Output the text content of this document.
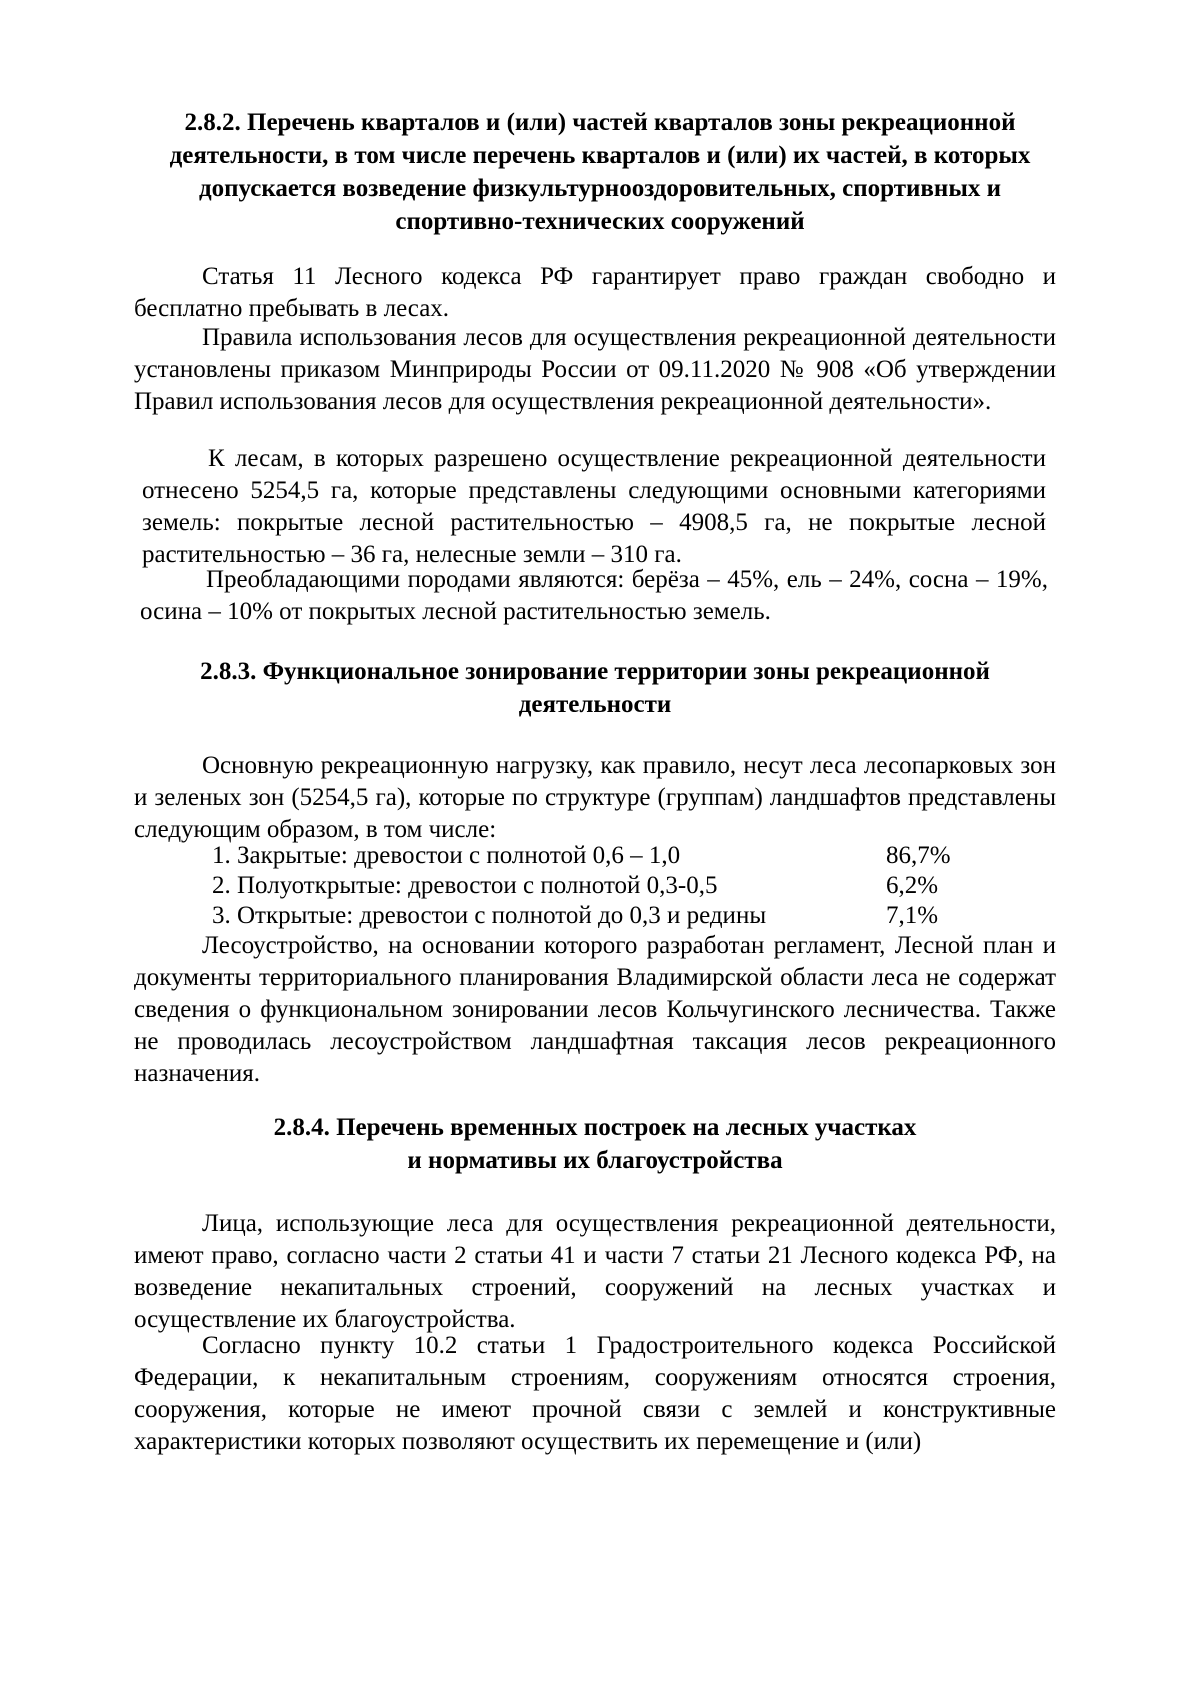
2.8.2. Перечень кварталов и (или) частей кварталов зоны рекреационной деятельности, в том числе перечень кварталов и (или) их частей, в которых допускается возведение физкультурнооздоровительных, спортивных и спортивно-технических сооружений
Статья 11 Лесного кодекса РФ гарантирует право граждан свободно и бесплатно пребывать в лесах.
Правила использования лесов для осуществления рекреационной деятельности установлены приказом Минприроды России от 09.11.2020 № 908 «Об утверждении Правил использования лесов для осуществления рекреационной деятельности».
К лесам, в которых разрешено осуществление рекреационной деятельности отнесено 5254,5 га, которые представлены следующими основными категориями земель: покрытые лесной растительностью – 4908,5 га, не покрытые лесной растительностью – 36 га, нелесные земли – 310 га.
Преобладающими породами являются: берёза – 45%, ель – 24%, сосна – 19%, осина – 10% от покрытых лесной растительностью земель.
2.8.3. Функциональное зонирование территории зоны рекреационной деятельности
Основную рекреационную нагрузку, как правило, несут леса лесопарковых зон и зеленых зон (5254,5 га), которые по структуре (группам) ландшафтов представлены следующим образом, в том числе:
1. Закрытые: древостои с полнотой 0,6 – 1,0	86,7%
2. Полуоткрытые: древостои с полнотой 0,3-0,5	6,2%
3. Открытые: древостои с полнотой до 0,3 и редины	7,1%
Лесоустройство, на основании которого разработан регламент, Лесной план и документы территориального планирования Владимирской области леса не содержат сведения о функциональном зонировании лесов Кольчугинского лесничества. Также не проводилась лесоустройством ландшафтная таксация лесов рекреационного назначения.
2.8.4. Перечень временных построек на лесных участках
и нормативы их благоустройства
Лица, использующие леса для осуществления рекреационной деятельности, имеют право, согласно части 2 статьи 41 и части 7 статьи 21 Лесного кодекса РФ, на возведение некапитальных строений, сооружений на лесных участках и осуществление их благоустройства.
Согласно пункту 10.2 статьи 1 Градостроительного кодекса Российской Федерации, к некапитальным строениям, сооружениям относятся строения, сооружения, которые не имеют прочной связи с землей и конструктивные характеристики которых позволяют осуществить их перемещение и (или)
